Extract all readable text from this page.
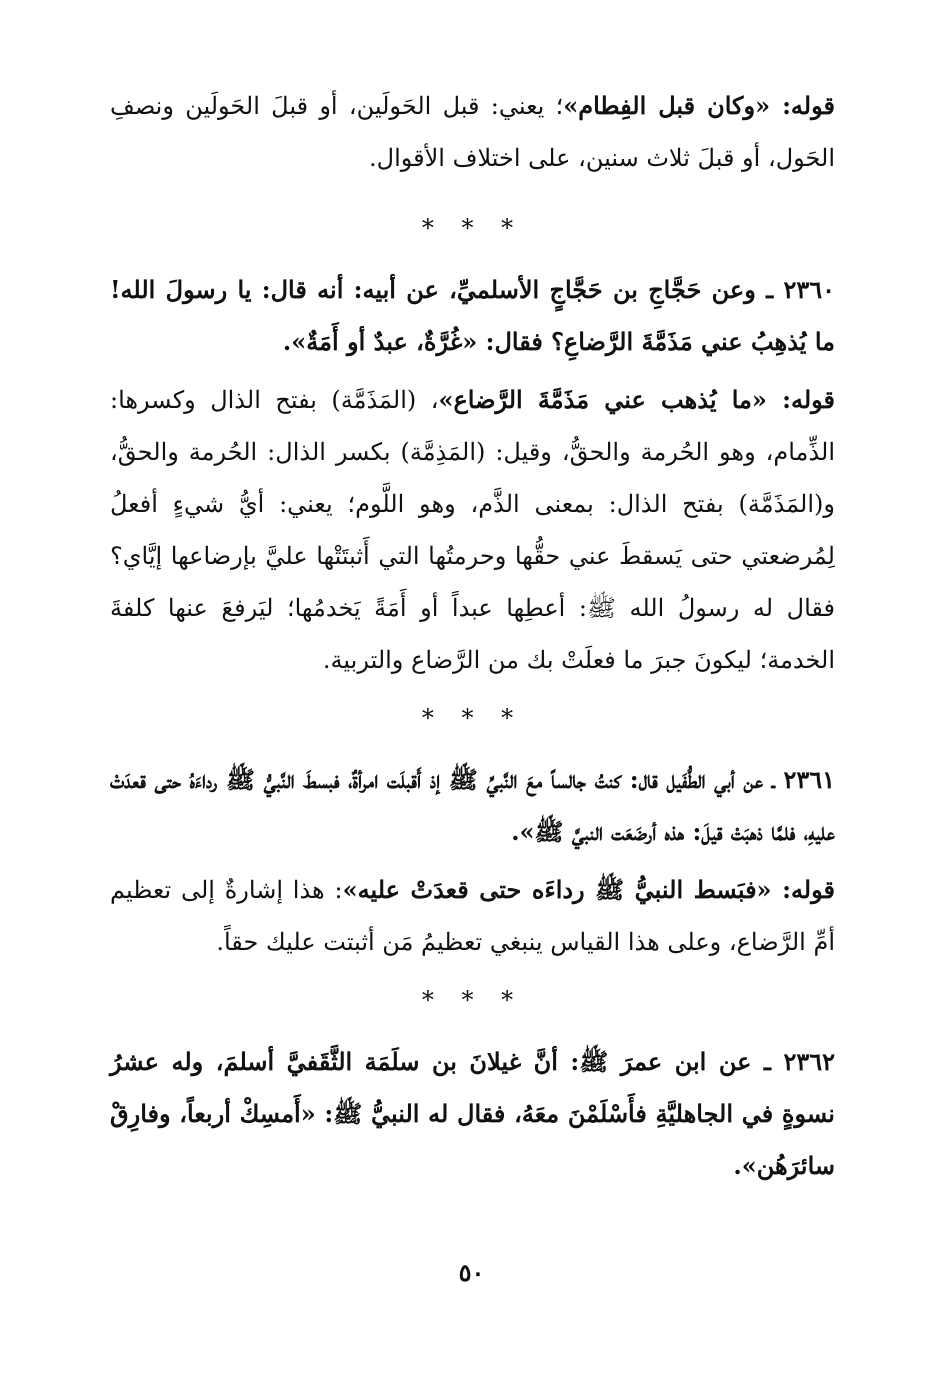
قوله: «وكان قبل الفِطام»؛ يعني: قبل الحَولَين، أو قبلَ الحَولَين ونصفِ الحَول، أو قبلَ ثلاث سنين، على اختلاف الأقوال.

* * *

٢٣٦٠ ـ وعن حَجَّاجِ بن حَجَّاجٍ الأسلميِّ، عن أبيه: أنه قال: يا رسولَ الله! ما يُذهِبُ عني مَذَمَّةَ الرَّضاعِ؟ فقال: «غُرَّةٌ، عبدٌ أو أَمَةٌ».

قوله: «ما يُذهب عني مَذَمَّةَ الرَّضاع»، (المَذَمَّة) بفتح الذال وكسرها: الذِّمام، وهو الحُرمة والحقُّ، وقيل: (المَذِمَّة) بكسر الذال: الحُرمة والحقُّ، و(المَذَمَّة) بفتح الذال: بمعنى الذَّم، وهو اللَّوم؛ يعني: أيُّ شيءٍ أفعلُ لِمُرضعتي حتى يَسقطَ عني حقُّها وحرمتُها التي أَثبتَتْها عليَّ بإرضاعها إيَّاي؟ فقال له رسولُ الله ﷺ: أعطِها عبداً أو أَمَةً يَخدمُها؛ ليَرفعَ عنها كلفةَ الخدمة؛ ليكونَ جبرَ ما فعلَتْ بك من الرَّضاع والتربية.

* * *

٢٣٦١ ـ عن أبي الطُّفَيل قال: كنتُ جالساً معَ النَّبيِّ ﷺ إذ أَقبلَت امرأةٌ، فبسطَ النَّبيُّ ﷺ رداءَهُ حتى قعدَتْ عليهِ، فلمَّا ذهبَتْ قيلَ: هذه أرضَعَت النبيَّ ﷺ».

قوله: «فبَسط النبيُّ ﷺ رداءَه حتى قعدَتْ عليه»: هذا إشارةٌ إلى تعظيم أمِّ الرَّضاع، وعلى هذا القياس ينبغي تعظيمُ مَن أثبتت عليك حقاً.

* * *

٢٣٦٢ ـ عن ابن عمرَ ﷺ: أنَّ غيلانَ بن سلَمَة الثَّقَفيَّ أسلمَ، وله عشرُ نسوةٍ في الجاهليَّةِ فأَسْلَمْنَ معَهُ، فقال له النبيُّ ﷺ: «أَمسِكْ أربعاً، وفارِقْ سائرَهُن».

٥٠
